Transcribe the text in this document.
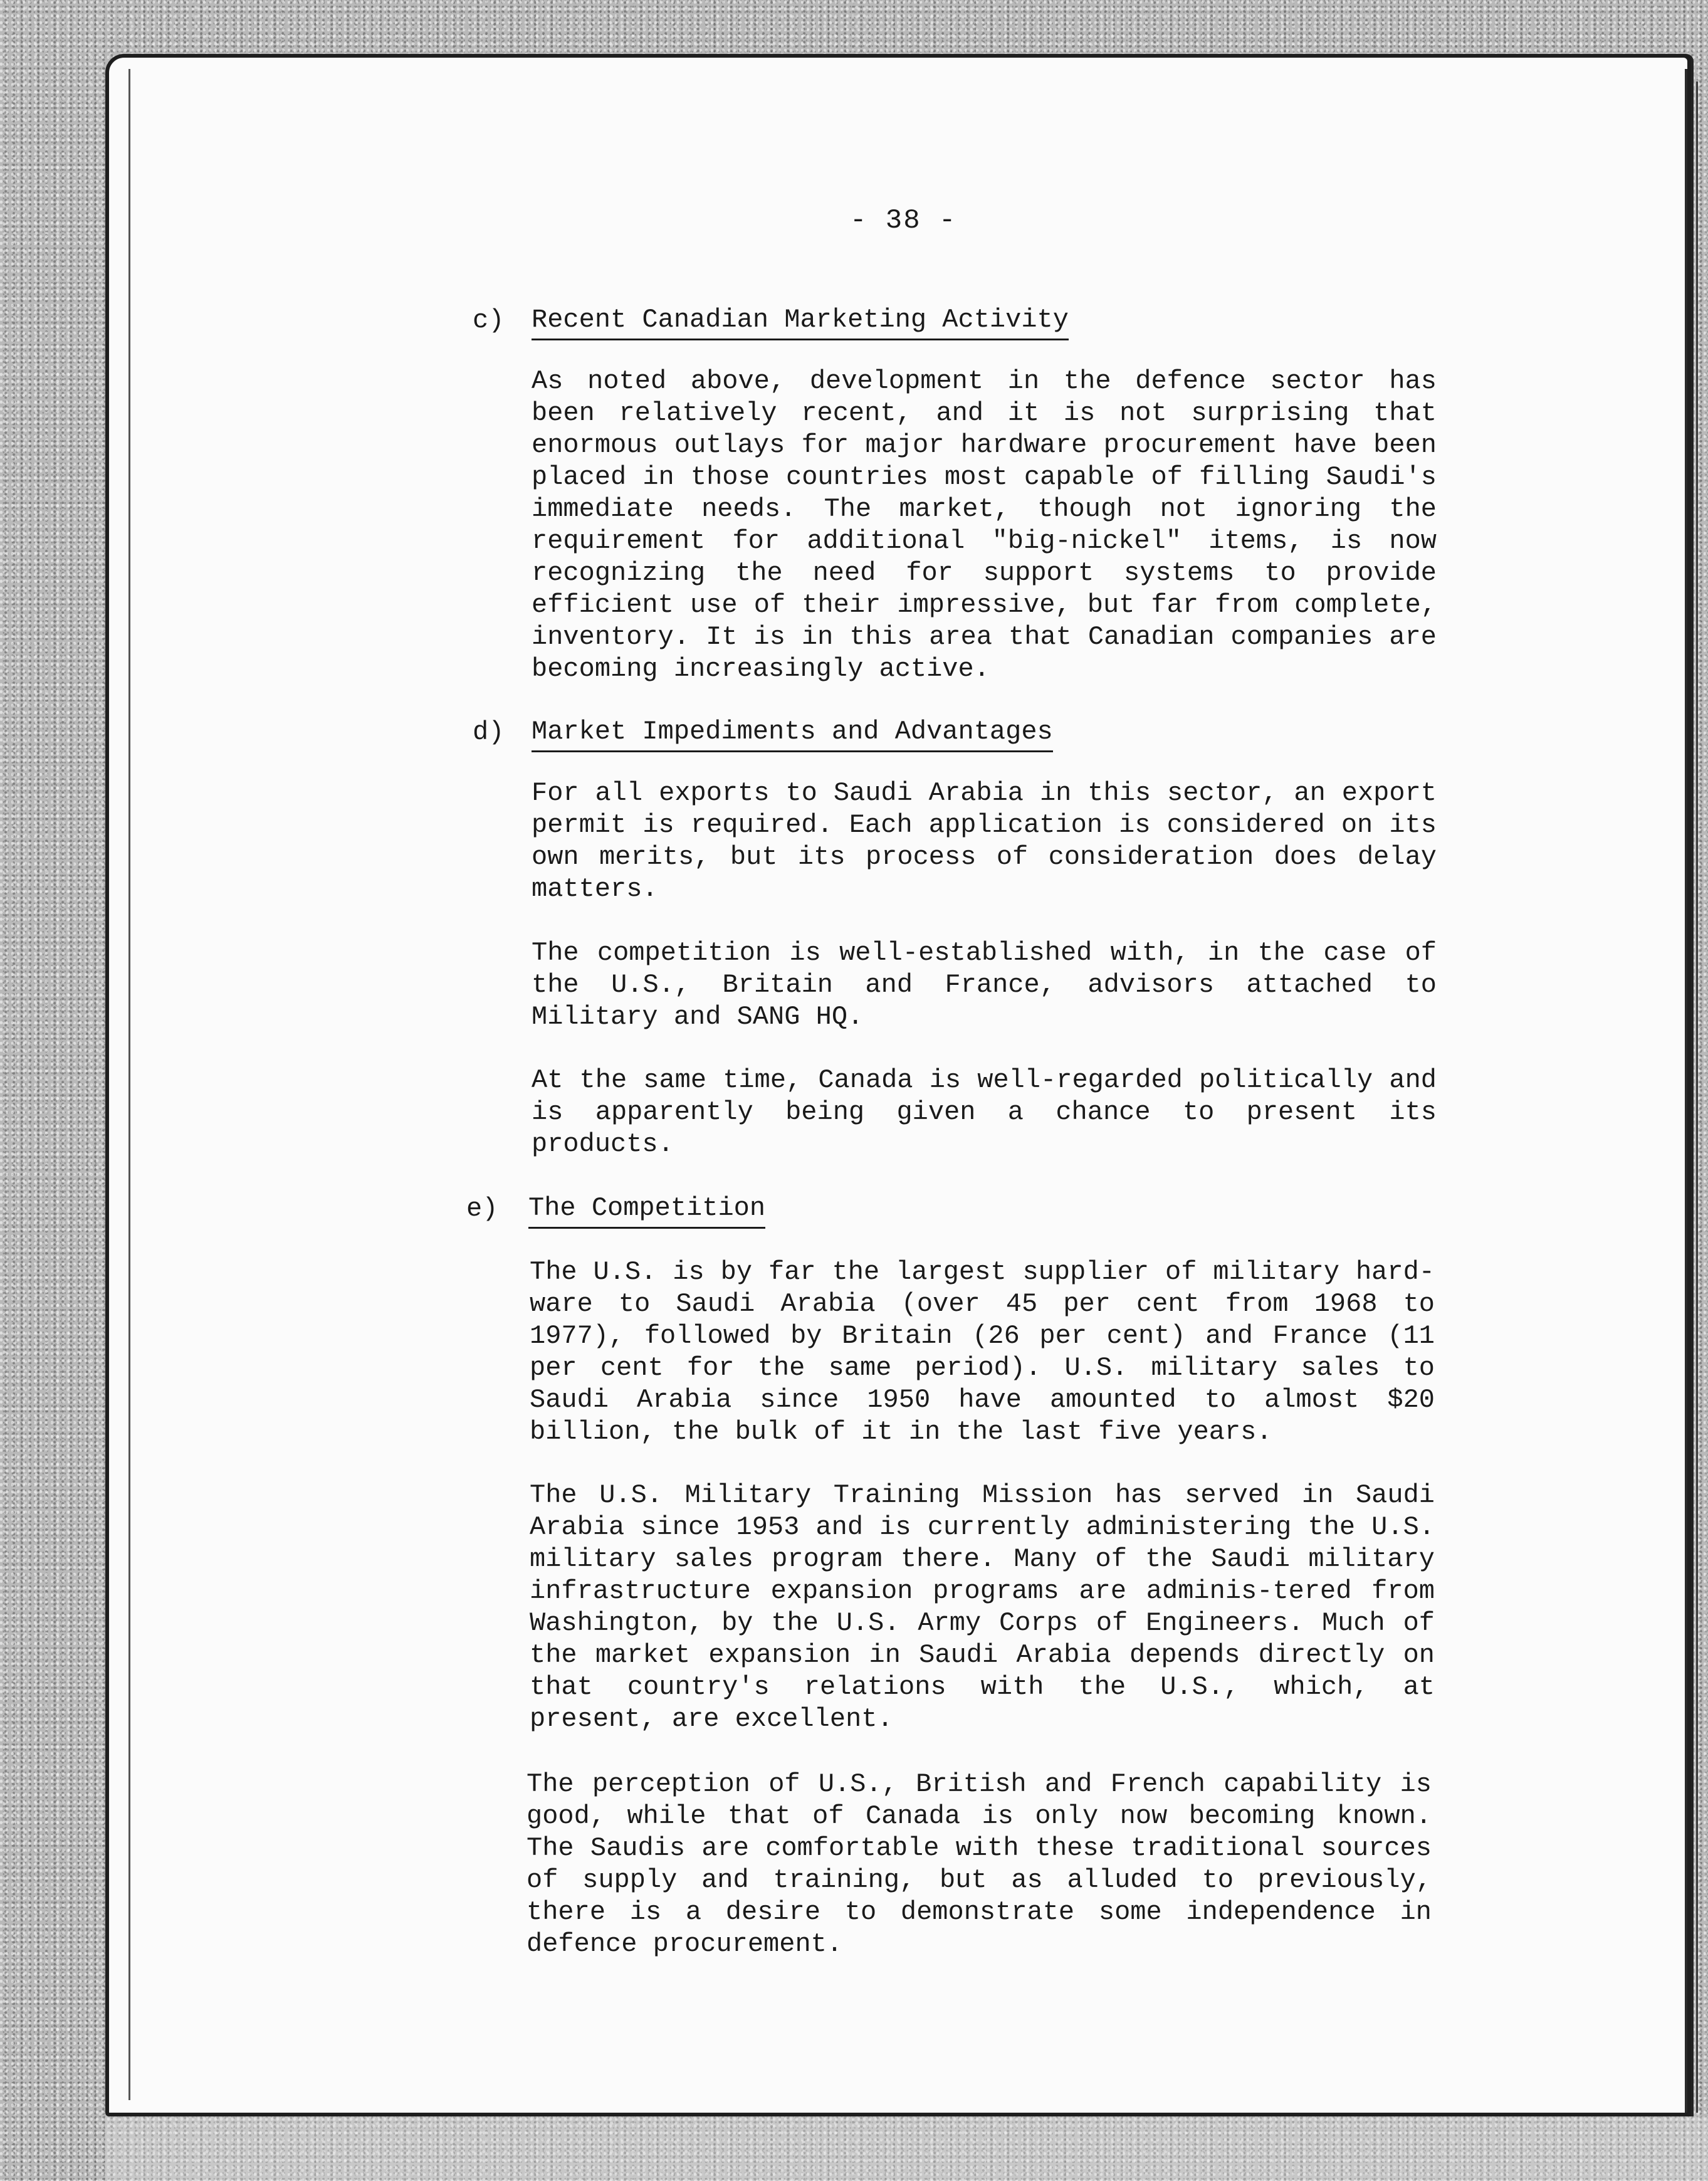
- 38 -
c) Recent Canadian Marketing Activity

As noted above, development in the defence sector has been relatively recent, and it is not surprising that enormous outlays for major hardware procurement have been placed in those countries most capable of filling Saudi's immediate needs. The market, though not ignoring the requirement for additional "big-nickel" items, is now recognizing the need for support systems to provide efficient use of their impressive, but far from complete, inventory. It is in this area that Canadian companies are becoming increasingly active.

d) Market Impediments and Advantages

For all exports to Saudi Arabia in this sector, an export permit is required. Each application is considered on its own merits, but its process of consideration does delay matters.

The competition is well-established with, in the case of the U.S., Britain and France, advisors attached to Military and SANG HQ.

At the same time, Canada is well-regarded politically and is apparently being given a chance to present its products.

e) The Competition

The U.S. is by far the largest supplier of military hard-ware to Saudi Arabia (over 45 per cent from 1968 to 1977), followed by Britain (26 per cent) and France (11 per cent for the same period). U.S. military sales to Saudi Arabia since 1950 have amounted to almost $20 billion, the bulk of it in the last five years.

The U.S. Military Training Mission has served in Saudi Arabia since 1953 and is currently administering the U.S. military sales program there. Many of the Saudi military infrastructure expansion programs are adminis-tered from Washington, by the U.S. Army Corps of Engineers. Much of the market expansion in Saudi Arabia depends directly on that country's relations with the U.S., which, at present, are excellent.

The perception of U.S., British and French capability is good, while that of Canada is only now becoming known. The Saudis are comfortable with these traditional sources of supply and training, but as alluded to previously, there is a desire to demonstrate some independence in defence procurement.
